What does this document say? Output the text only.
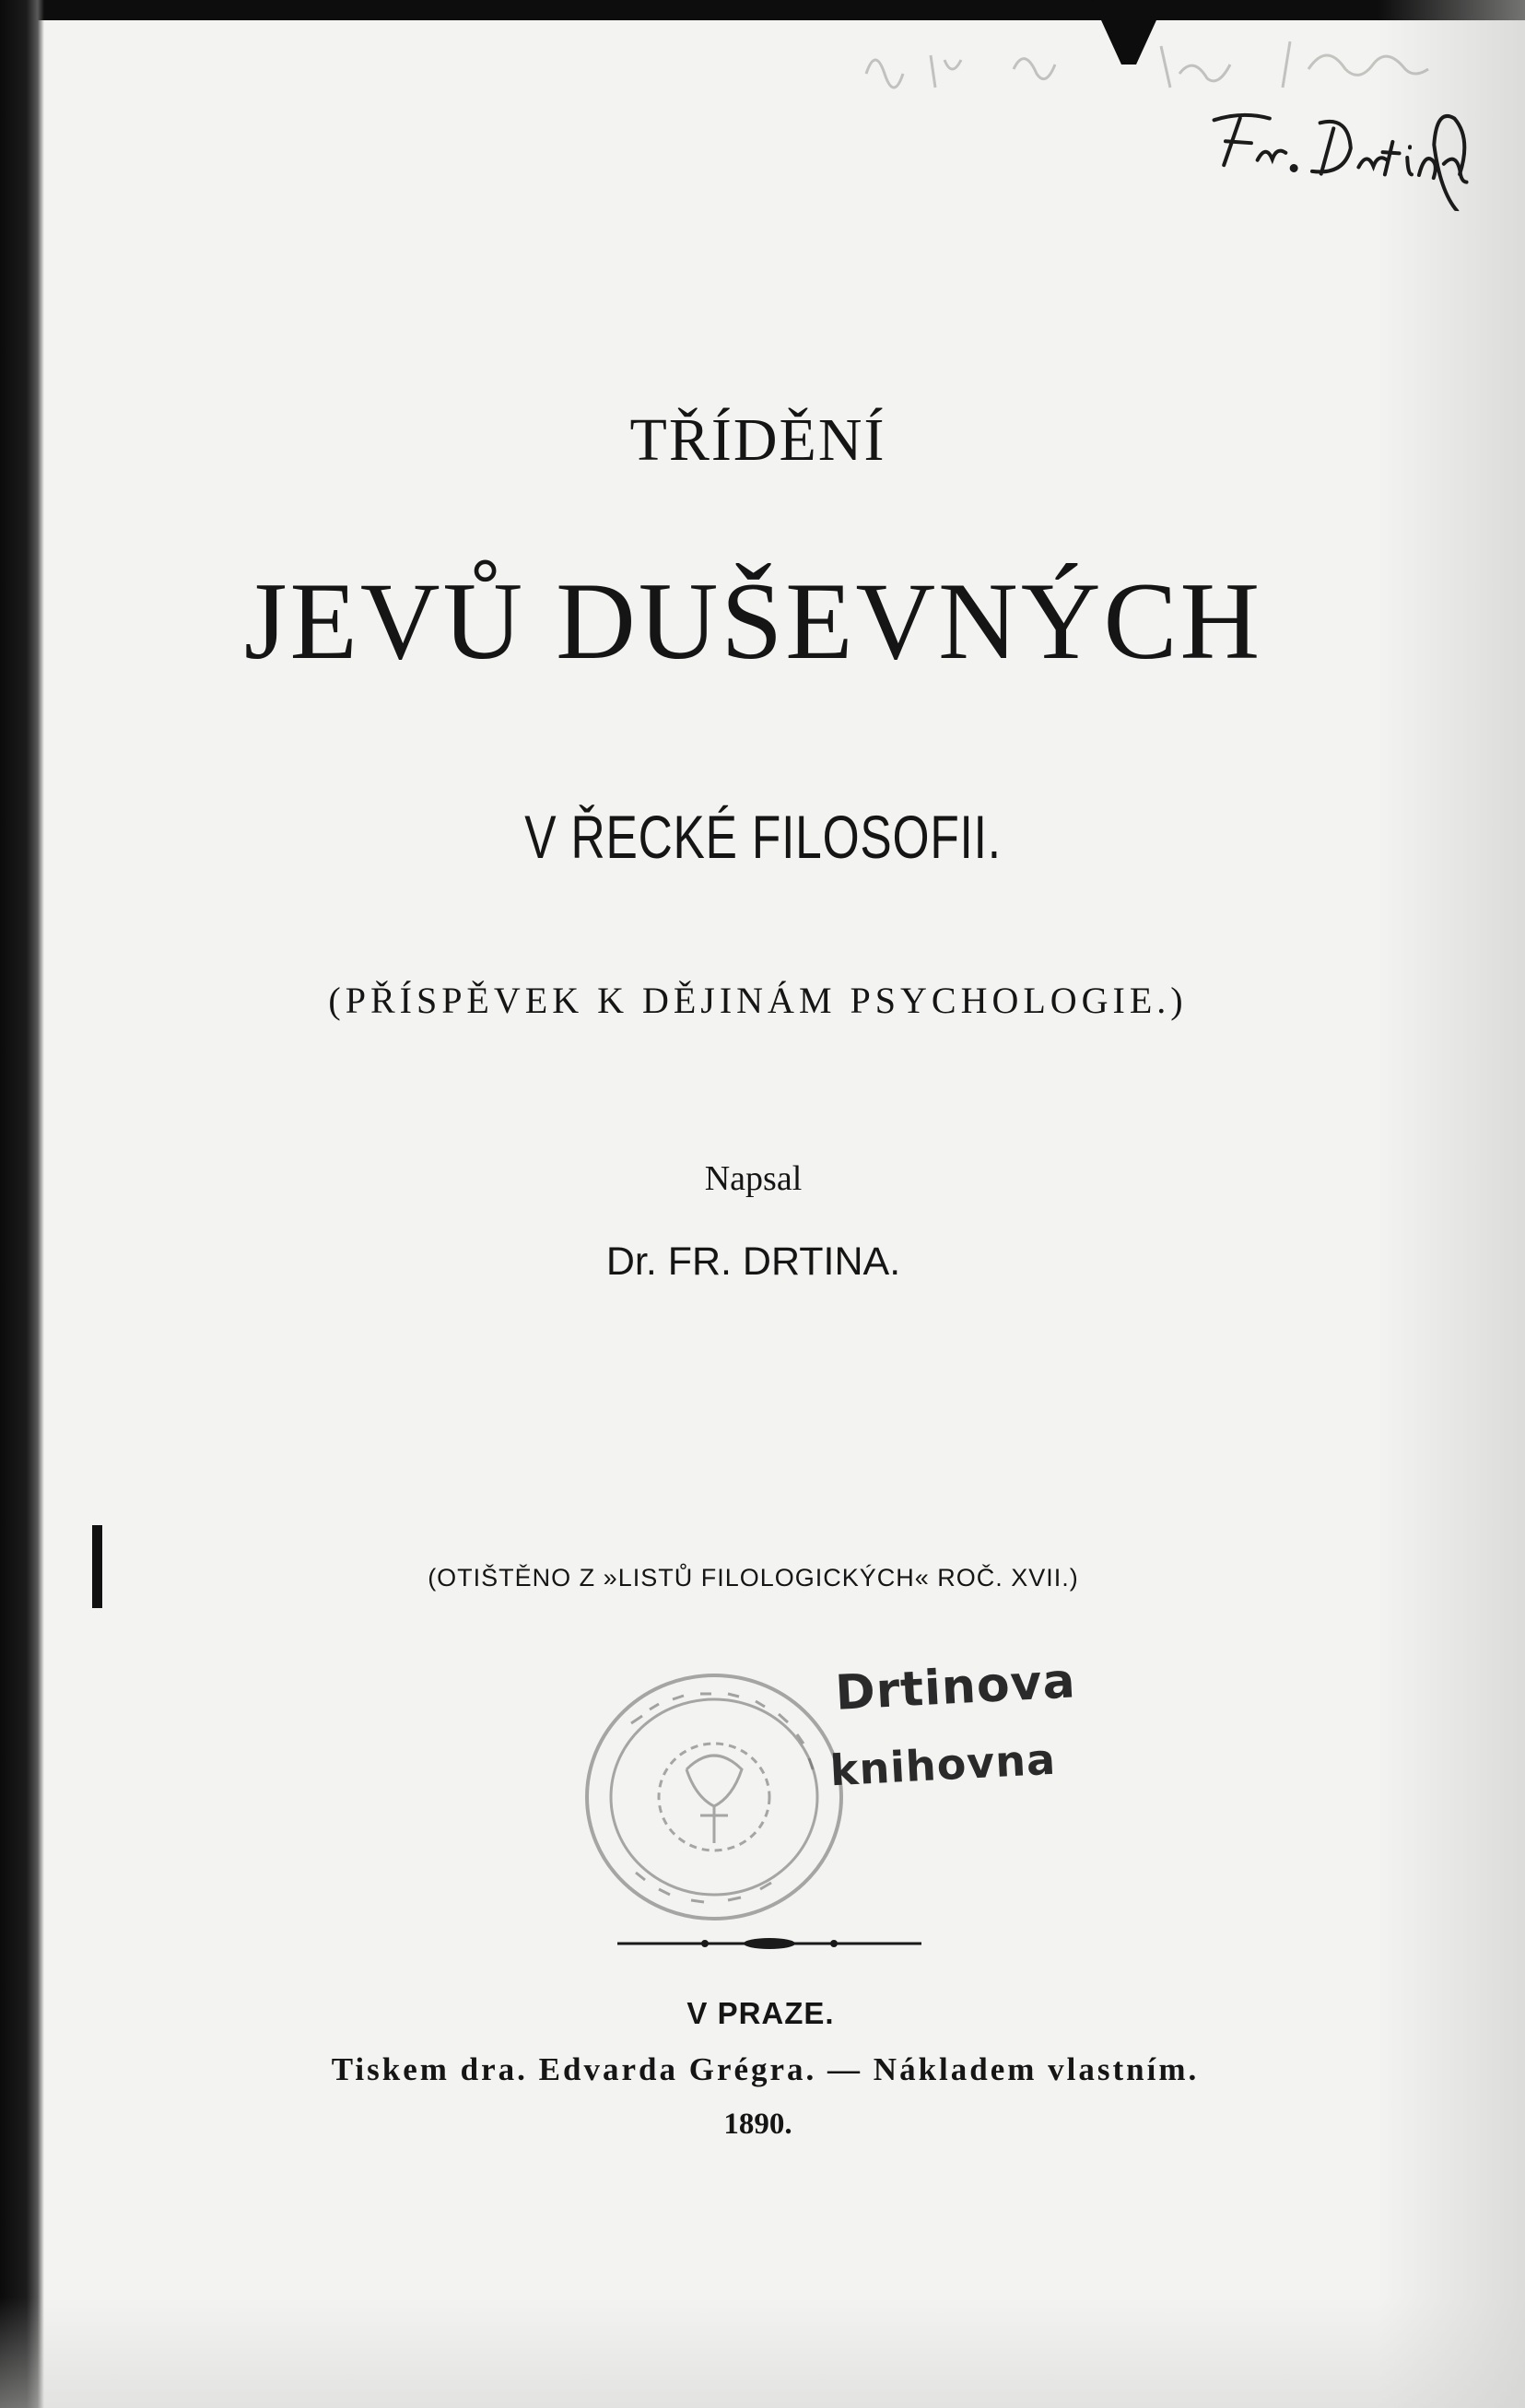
TŘÍDĚNÍ
JEVŮ DUŠEVNÝCH
V ŘECKÉ FILOSOFII.
(PŘÍSPĚVEK K DĚJINÁM PSYCHOLOGIE.)
Napsal
Dr. FR. DRTINA.
(OTIŠTĚNO Z »LISTŮ FILOLOGICKÝCH« ROČ. XVII.)
Drtinova
knihovna
V PRAZE.
Tiskem dra. Edvarda Grégra. — Nákladem vlastním.
1890.
